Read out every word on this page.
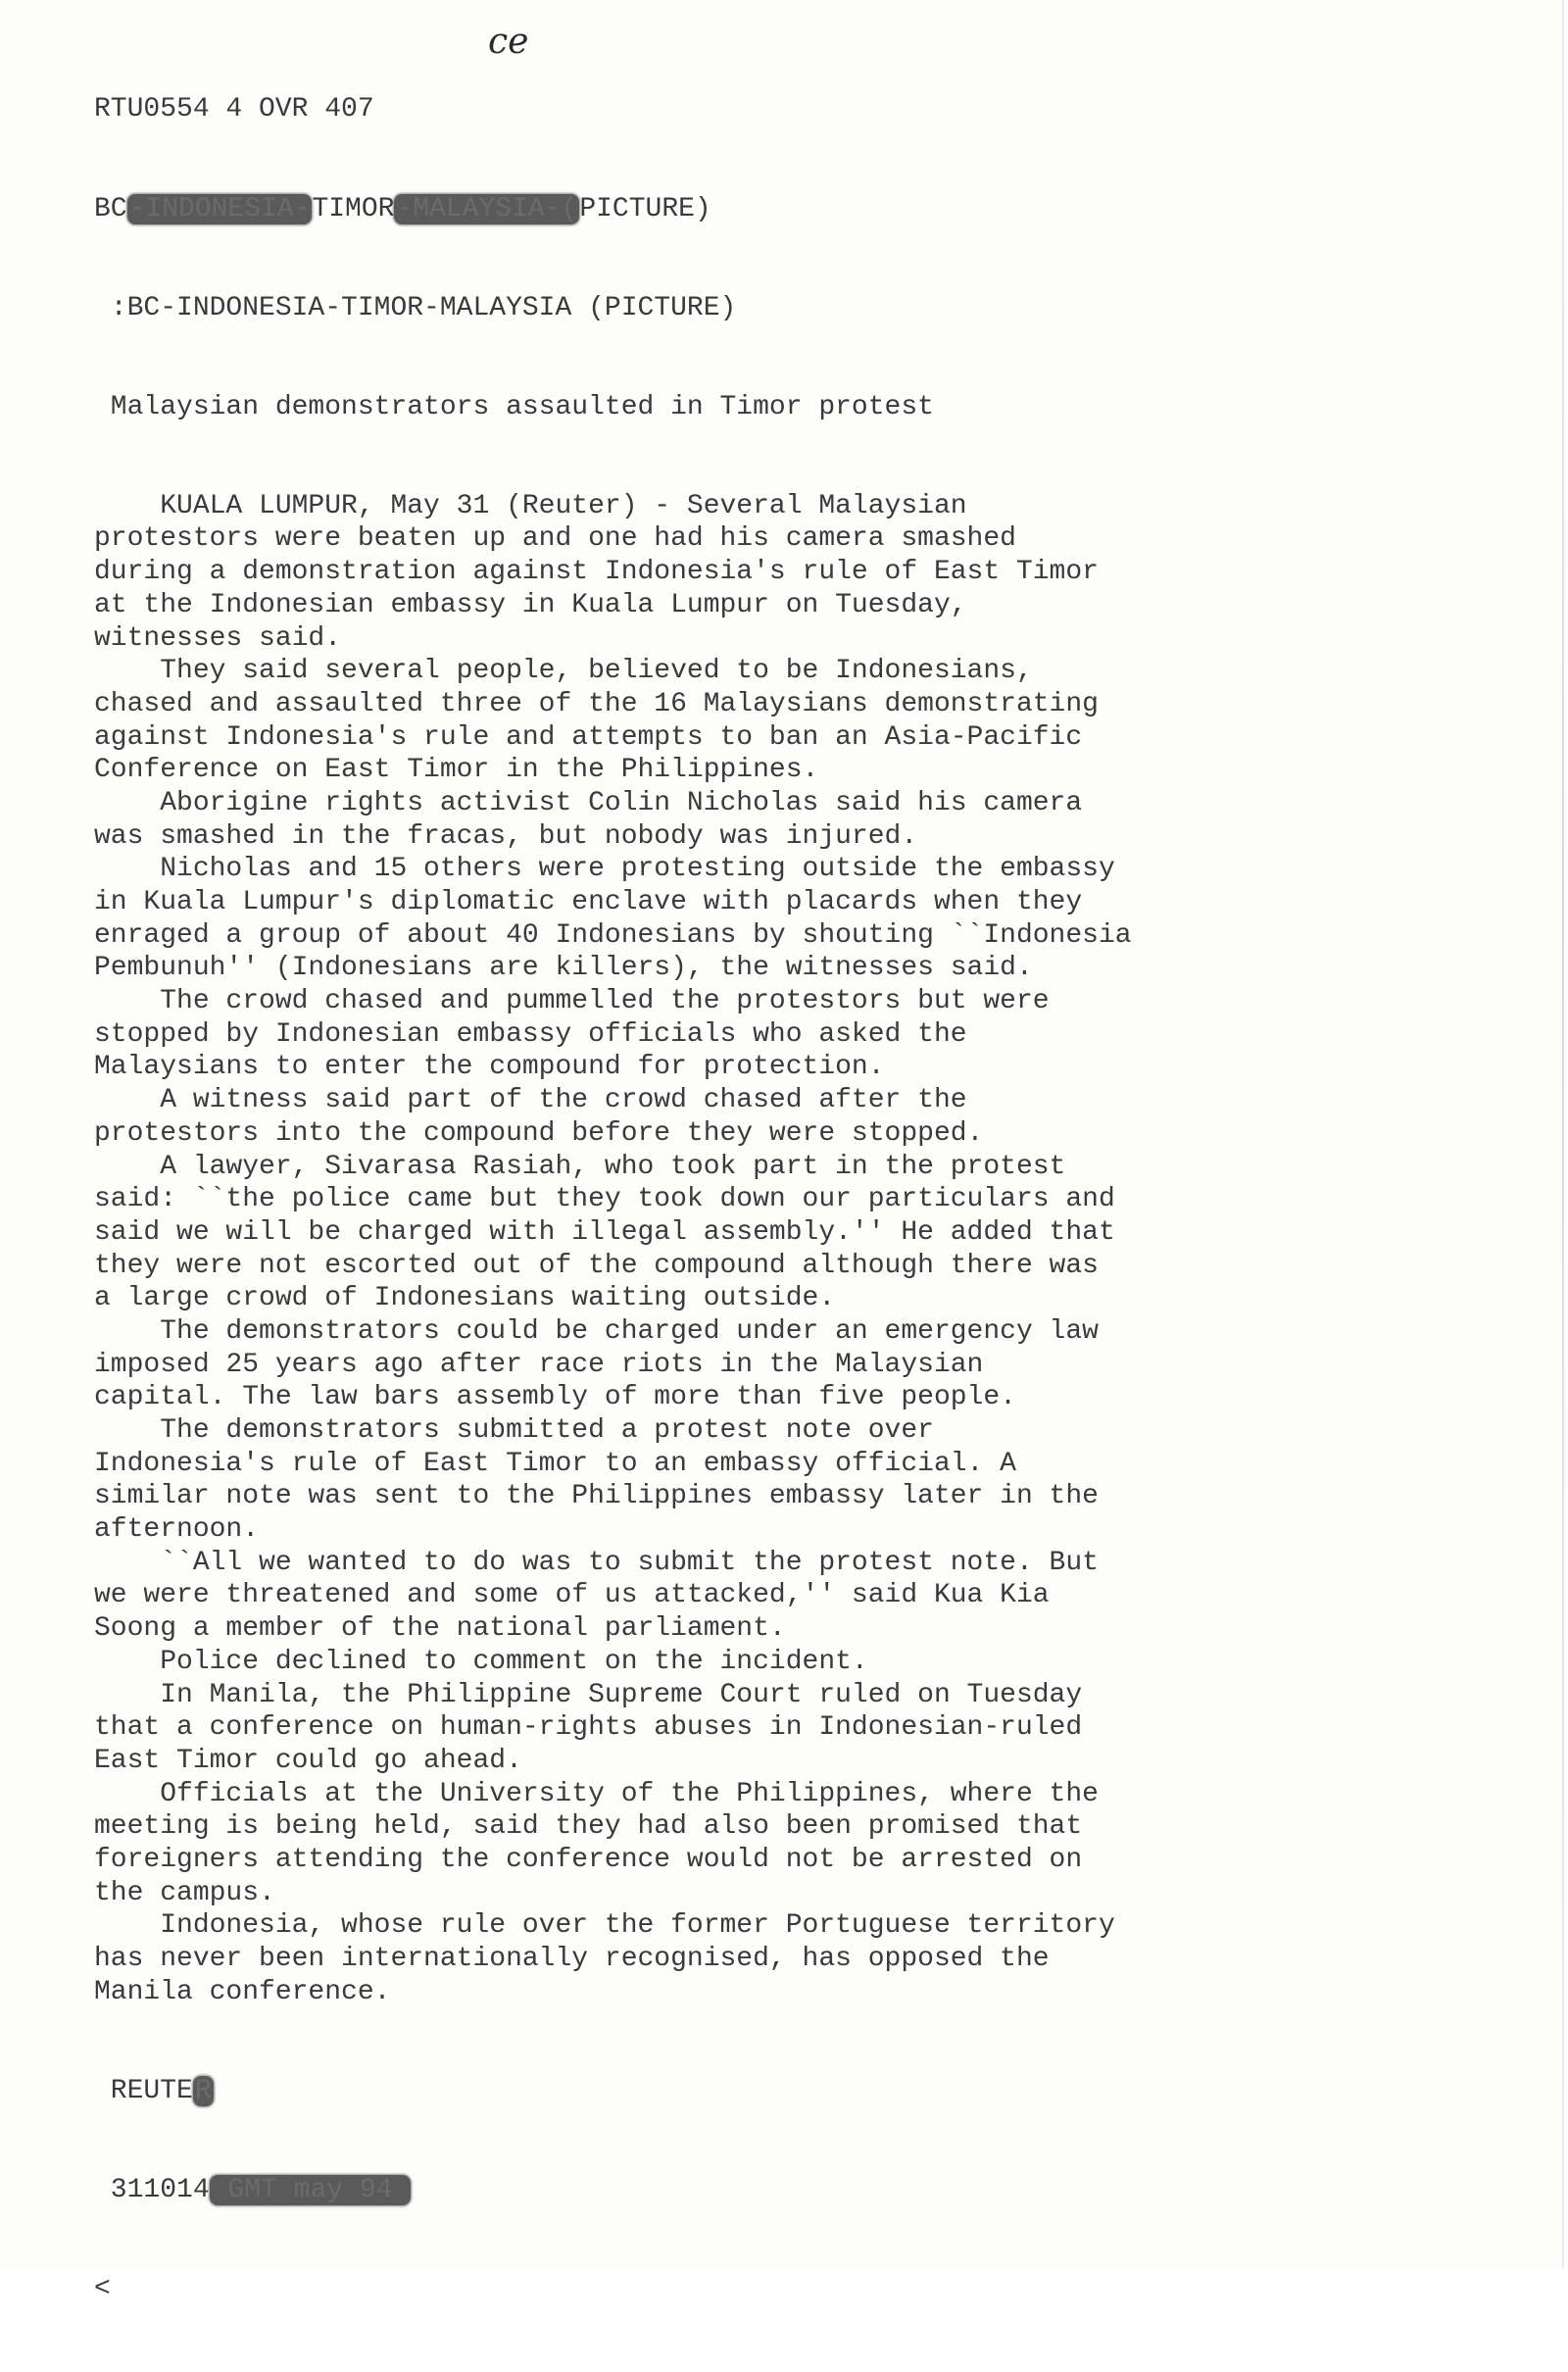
ce

RTU0554 4 OVR 407

BC-INDONESIA-TIMOR-MALAYSIA-(PICTURE)

:BC-INDONESIA-TIMOR-MALAYSIA (PICTURE)

Malaysian demonstrators assaulted in Timor protest

KUALA LUMPUR, May 31 (Reuter) - Several Malaysian
protestors were beaten up and one had his camera smashed
during a demonstration against Indonesia's rule of East Timor
at the Indonesian embassy in Kuala Lumpur on Tuesday,
witnesses said.
They said several people, believed to be Indonesians,
chased and assaulted three of the 16 Malaysians demonstrating
against Indonesia's rule and attempts to ban an Asia-Pacific
Conference on East Timor in the Philippines.
Aborigine rights activist Colin Nicholas said his camera
was smashed in the fracas, but nobody was injured.
Nicholas and 15 others were protesting outside the embassy
in Kuala Lumpur's diplomatic enclave with placards when they
enraged a group of about 40 Indonesians by shouting ``Indonesia
Pembunuh'' (Indonesians are killers), the witnesses said.
The crowd chased and pummelled the protestors but were
stopped by Indonesian embassy officials who asked the
Malaysians to enter the compound for protection.
A witness said part of the crowd chased after the
protestors into the compound before they were stopped.
A lawyer, Sivarasa Rasiah, who took part in the protest
said: ``the police came but they took down our particulars and
said we will be charged with illegal assembly.'' He added that
they were not escorted out of the compound although there was
a large crowd of Indonesians waiting outside.
The demonstrators could be charged under an emergency law
imposed 25 years ago after race riots in the Malaysian
capital. The law bars assembly of more than five people.
The demonstrators submitted a protest note over
Indonesia's rule of East Timor to an embassy official. A
similar note was sent to the Philippines embassy later in the
afternoon.
``All we wanted to do was to submit the protest note. But
we were threatened and some of us attacked,'' said Kua Kia
Soong a member of the national parliament.
Police declined to comment on the incident.
In Manila, the Philippine Supreme Court ruled on Tuesday
that a conference on human-rights abuses in Indonesian-ruled
East Timor could go ahead.
Officials at the University of the Philippines, where the
meeting is being held, said they had also been promised that
foreigners attending the conference would not be arrested on
the campus.
Indonesia, whose rule over the former Portuguese territory
has never been internationally recognised, has opposed the
Manila conference.

REUTER

311014 GMT may 94

<
